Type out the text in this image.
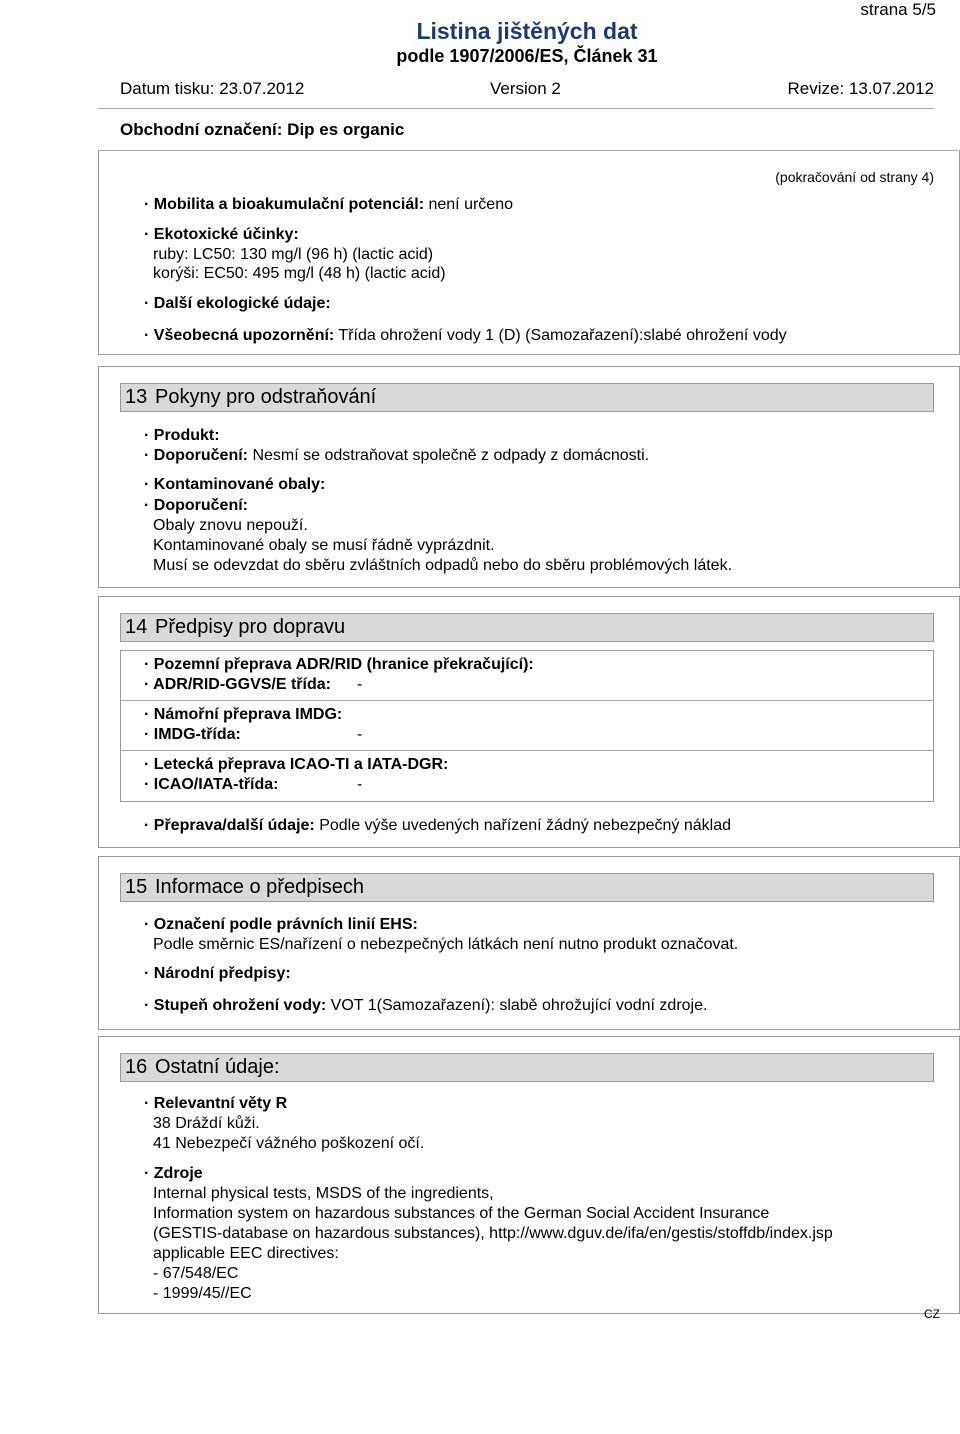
strana 5/5
Listina jištěných dat
podle 1907/2006/ES, Článek 31
Datum tisku: 23.07.2012	Version 2	Revize: 13.07.2012
Obchodní označení: Dip es organic
(pokračování od strany 4)
· Mobilita a bioakumulační potenciál: není určeno
· Ekotoxické účinky:
ruby: LC50: 130 mg/l (96 h) (lactic acid)
korýši: EC50: 495 mg/l (48 h) (lactic acid)
· Další ekologické údaje:
· Všeobecná upozornění: Třída ohrožení vody 1 (D) (Samozařazení):slabé ohrožení vody
13 Pokyny pro odstraňování
· Produkt:
· Doporučení: Nesmí se odstraňovat společně z odpady z domácnosti.
· Kontaminované obaly:
· Doporučení:
Obaly znovu nepouží.
Kontaminované obaly se musí řádně vyprázdnit.
Musí se odevzdat do sběru zvláštních odpadů nebo do sběru problémových látek.
14 Předpisy pro dopravu
· Pozemní přeprava ADR/RID (hranice překračující):
· ADR/RID-GGVS/E třída: -
· Námořní přeprava IMDG:
· IMDG-třída:	-
· Letecká přeprava ICAO-TI a IATA-DGR:
· ICAO/IATA-třída:	-
· Přeprava/další údaje: Podle výše uvedených nařízení žádný nebezpečný náklad
15 Informace o předpisech
· Označení podle právních linií EHS:
Podle směrnic ES/nařízení o nebezpečných látkách není nutno produkt označovat.
· Národní předpisy:
· Stupeň ohrožení vody: VOT 1(Samozařazení): slabě ohrožující vodní zdroje.
16 Ostatní údaje:
· Relevantní věty R
38 Dráždí kůži.
41 Nebezpečí vážného poškození očí.
· Zdroje
Internal physical tests, MSDS of the ingredients,
Information system on hazardous substances of the German Social Accident Insurance
(GESTIS-database on hazardous substances), http://www.dguv.de/ifa/en/gestis/stoffdb/index.jsp
applicable EEC directives:
- 67/548/EC
- 1999/45//EC
CZ
